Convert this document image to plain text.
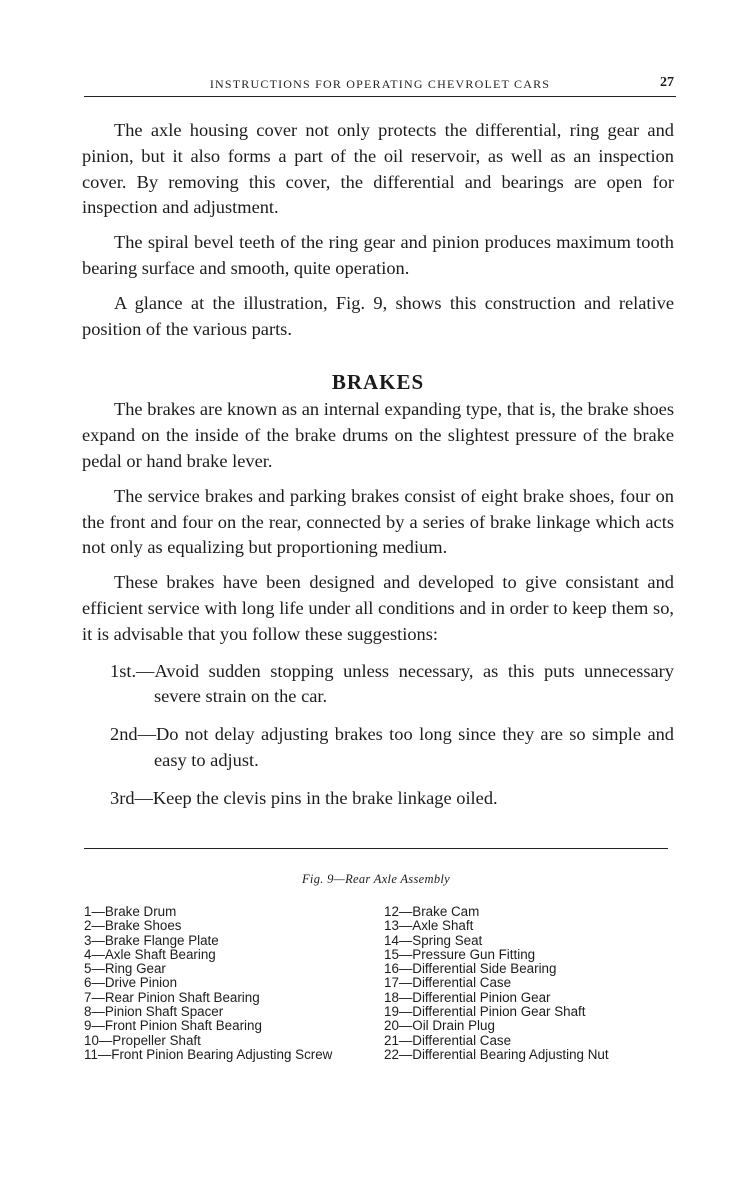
INSTRUCTIONS FOR OPERATING CHEVROLET CARS	27

The axle housing cover not only protects the differential, ring gear and pinion, but it also forms a part of the oil reservoir, as well as an inspection cover. By removing this cover, the differential and bearings are open for inspection and adjustment.

The spiral bevel teeth of the ring gear and pinion produces maximum tooth bearing surface and smooth, quite operation.

A glance at the illustration, Fig. 9, shows this construction and relative position of the various parts.

BRAKES

The brakes are known as an internal expanding type, that is, the brake shoes expand on the inside of the brake drums on the slightest pressure of the brake pedal or hand brake lever.

The service brakes and parking brakes consist of eight brake shoes, four on the front and four on the rear, connected by a series of brake linkage which acts not only as equalizing but proportioning medium.

These brakes have been designed and developed to give consistant and efficient service with long life under all conditions and in order to keep them so, it is advisable that you follow these suggestions:

1st.—Avoid sudden stopping unless necessary, as this puts unnecessary severe strain on the car.

2nd—Do not delay adjusting brakes too long since they are so simple and easy to adjust.

3rd—Keep the clevis pins in the brake linkage oiled.

Fig. 9—Rear Axle Assembly

1—Brake Drum

2—Brake Shoes

3—Brake Flange Plate

4—Axle Shaft Bearing

5—Ring Gear

6—Drive Pinion

7—Rear Pinion Shaft Bearing

8—Pinion Shaft Spacer

9—Front Pinion Shaft Bearing

10—Propeller Shaft

11—Front Pinion Bearing Adjusting Screw

12—Brake Cam

13—Axle Shaft

14—Spring Seat

15—Pressure Gun Fitting

16—Differential Side Bearing

17—Differential Case

18—Differential Pinion Gear

19—Differential Pinion Gear Shaft

20—Oil Drain Plug

21—Differential Case

22—Differential Bearing Adjusting Nut
